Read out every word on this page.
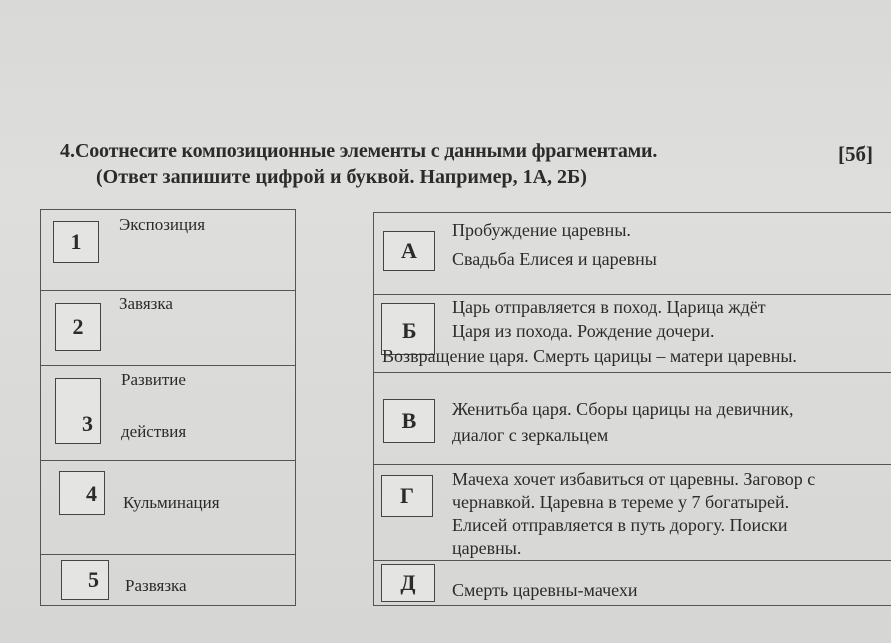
4. Соотнесите композиционные элементы с данными фрагментами.
(Ответ запишите цифрой и буквой. Например, 1А, 2Б)
[5б]
1
Экспозиция
2
Завязка
3
Развитие
действия
4 Кульминация
5 Развязка
А
Пробуждение царевны.
Свадьба Елисея и царевны
Б
Царь отправляется в поход. Царица ждёт
Царя из похода. Рождение дочери.
Возвращение царя. Смерть царицы – матери царевны.
В Женитьба царя. Сборы царицы на девичник,
диалог с зеркальцем
Г
Мачеха хочет избавиться от царевны. Заговор с
чернавкой. Царевна в тереме у 7 богатырей.
Елисей отправляется в путь дорогу. Поиски
царевны.
Д Смерть царевны-мачехи
